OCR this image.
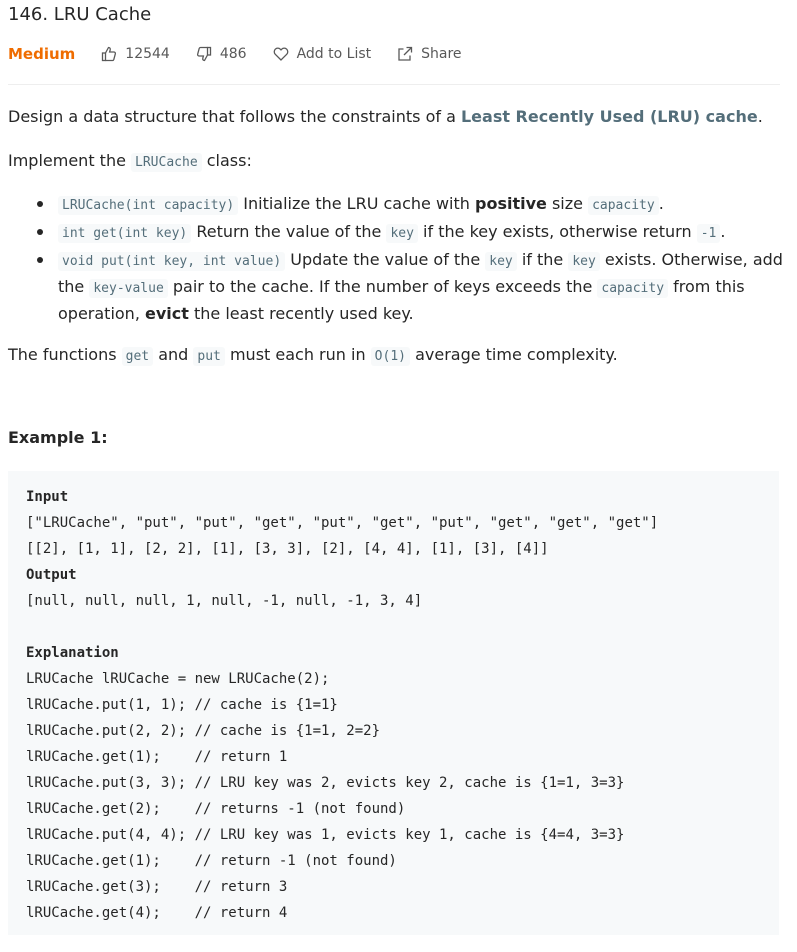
146. LRU Cache
Medium	12544	486	Add to List	Share

Design a data structure that follows the constraints of a Least Recently Used (LRU) cache.

Implement the LRUCache class:

LRUCache(int capacity) Initialize the LRU cache with positive size capacity .
int get(int key) Return the value of the key if the key exists, otherwise return -1 .
void put(int key, int value) Update the value of the key if the key exists. Otherwise, add the key-value pair to the cache. If the number of keys exceeds the capacity from this operation, evict the least recently used key.

The functions get and put must each run in O(1) average time complexity.

Example 1:
Input
["LRUCache", "put", "put", "get", "put", "get", "put", "get", "get", "get"]
[[2], [1, 1], [2, 2], [1], [3, 3], [2], [4, 4], [1], [3], [4]]
Output
[null, null, null, 1, null, -1, null, -1, 3, 4]
Explanation
LRUCache lRUCache = new LRUCache(2);
lRUCache.put(1, 1); // cache is {1=1}
lRUCache.put(2, 2); // cache is {1=1, 2=2}
lRUCache.get(1);    // return 1
lRUCache.put(3, 3); // LRU key was 2, evicts key 2, cache is {1=1, 3=3}
lRUCache.get(2);    // returns -1 (not found)
lRUCache.put(4, 4); // LRU key was 1, evicts key 1, cache is {4=4, 3=3}
lRUCache.get(1);    // return -1 (not found)
lRUCache.get(3);    // return 3
lRUCache.get(4);    // return 4
